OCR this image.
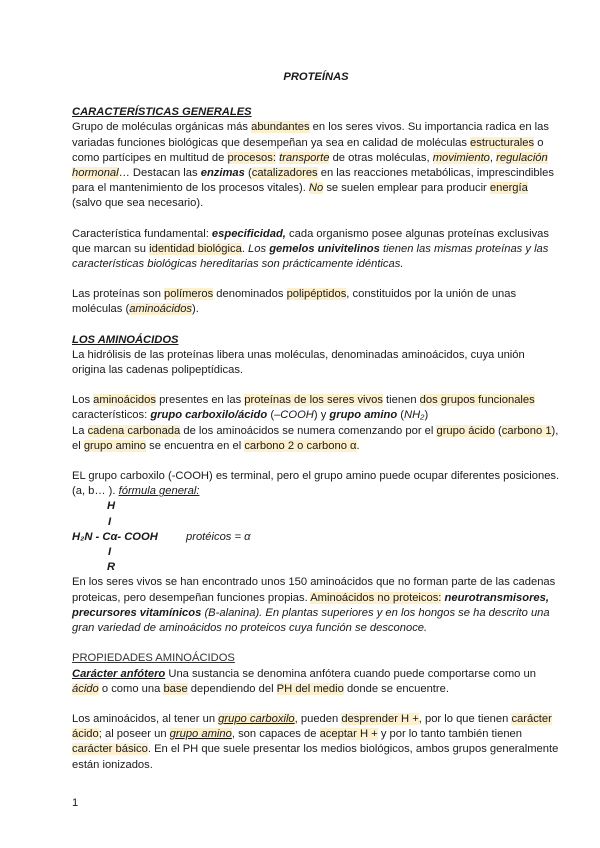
PROTEÍNAS

CARACTERÍSTICAS GENERALES

Grupo de moléculas orgánicas más abundantes en los seres vivos. Su importancia radica en las variadas funciones biológicas que desempeñan ya sea en calidad de moléculas estructurales o como partícipes en multitud de procesos: transporte de otras moléculas, movimiento, regulación hormonal… Destacan las enzimas (catalizadores en las reacciones metabólicas, imprescindibles para el mantenimiento de los procesos vitales). No se suelen emplear para producir energía (salvo que sea necesario).

Característica fundamental: especificidad, cada organismo posee algunas proteínas exclusivas que marcan su identidad biológica. Los gemelos univitelinos tienen las mismas proteínas y las características biológicas hereditarias son prácticamente idénticas.

Las proteínas son polímeros denominados polipéptidos, constituidos por la unión de unas moléculas (aminoácidos).

LOS AMINOÁCIDOS

La hidrólisis de las proteínas libera unas moléculas, denominadas aminoácidos, cuya unión origina las cadenas polipeptídicas.

Los aminoácidos presentes en las proteínas de los seres vivos tienen dos grupos funcionales característicos: grupo carboxilo/ácido (–COOH) y grupo amino (NH₂)

La cadena carbonada de los aminoácidos se numera comenzando por el grupo ácido (carbono 1), el grupo amino se encuentra en el carbono 2 o carbono α.

EL grupo carboxilo (-COOH) es terminal, pero el grupo amino puede ocupar diferentes posiciones. (a, b… ). fórmula general:

H
I
H₂N - Cα- COOH	protéicos = α
I
R

En los seres vivos se han encontrado unos 150 aminoácidos que no forman parte de las cadenas proteicas, pero desempeñan funciones propias. Aminoácidos no proteicos: neurotransmisores, precursores vitamínicos (B-alanina). En plantas superiores y en los hongos se ha descrito una gran variedad de aminoácidos no proteicos cuya función se desconoce.

PROPIEDADES AMINOÁCIDOS

Carácter anfótero Una sustancia se denomina anfótera cuando puede comportarse como un ácido o como una base dependiendo del PH del medio donde se encuentre.

Los aminoácidos, al tener un grupo carboxilo, pueden desprender H +, por lo que tienen carácter ácido; al poseer un grupo amino, son capaces de aceptar H + y por lo tanto también tienen carácter básico. En el PH que suele presentar los medios biológicos, ambos grupos generalmente están ionizados.

1
